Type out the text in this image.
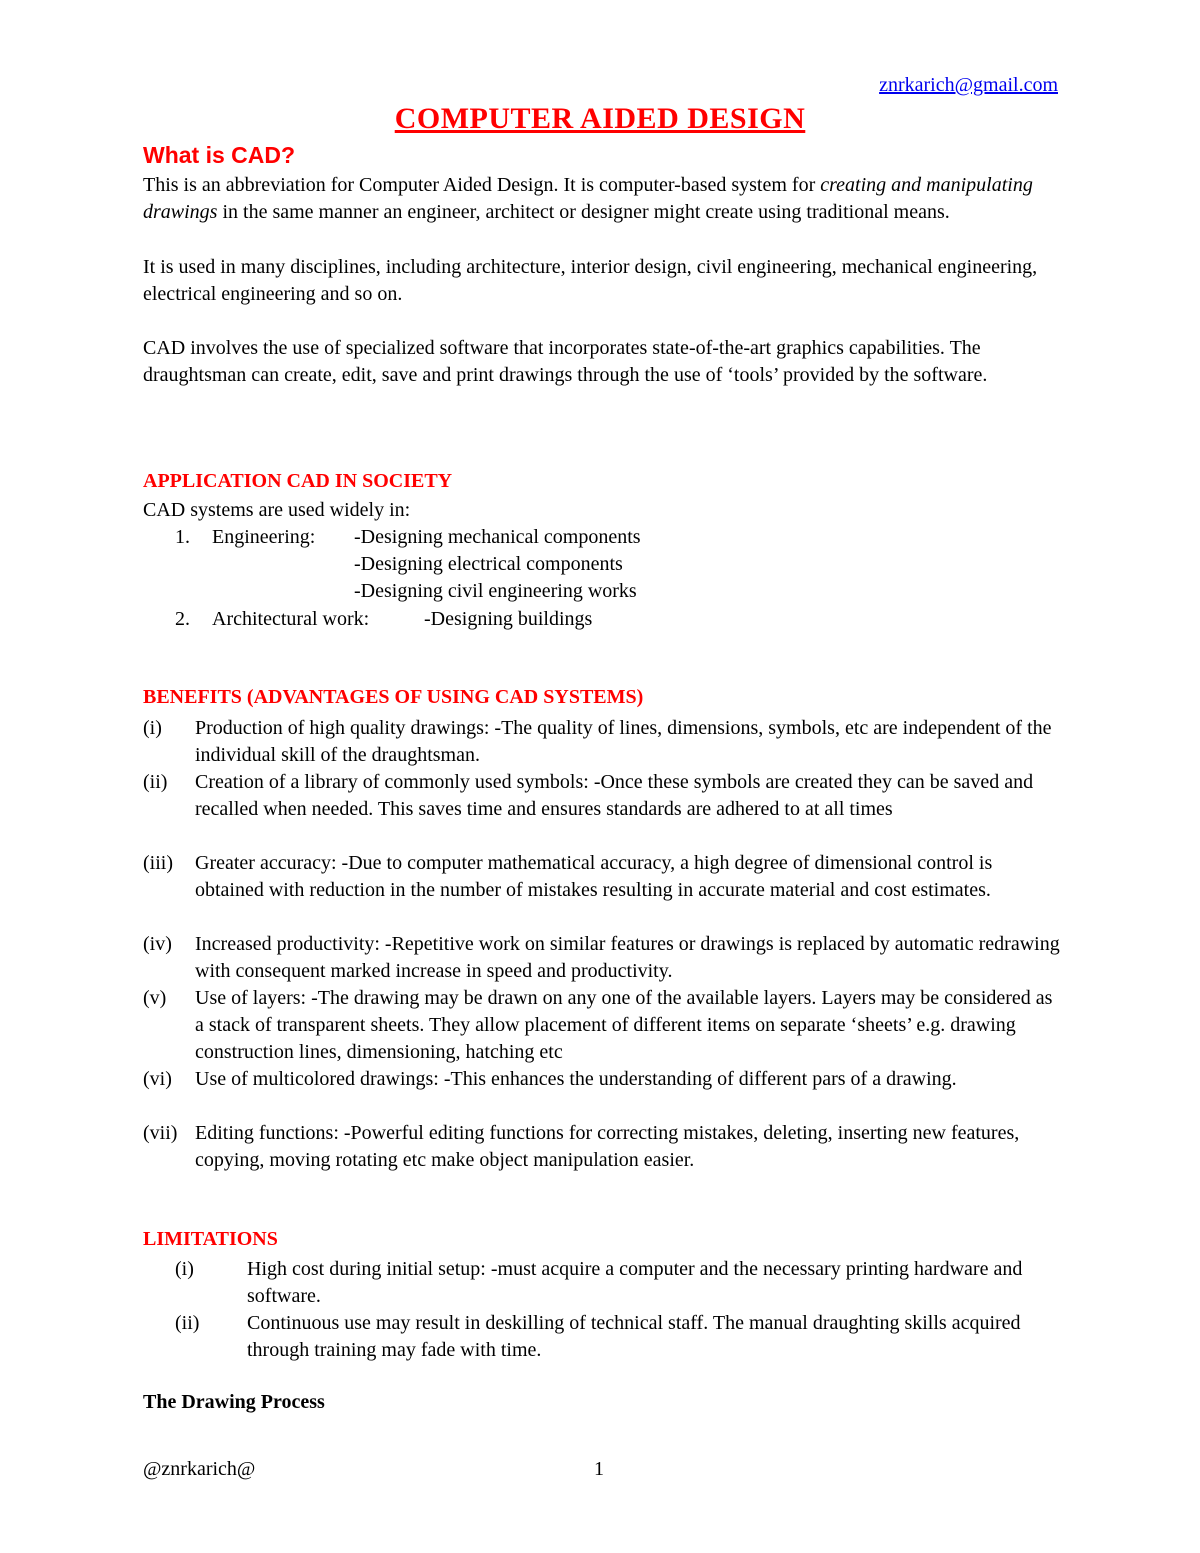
znrkarich@gmail.com
COMPUTER AIDED DESIGN
What is CAD?
This is an abbreviation for Computer Aided Design. It is computer-based system for creating and manipulating drawings in the same manner an engineer, architect or designer might create using traditional means.
It is used in many disciplines, including architecture, interior design, civil engineering, mechanical engineering, electrical engineering and so on.
CAD involves the use of specialized software that incorporates state-of-the-art graphics capabilities. The draughtsman can create, edit, save and print drawings through the use of ‘tools’ provided by the software.
APPLICATION CAD IN SOCIETY
CAD systems are used widely in:
1. Engineering: -Designing mechanical components
-Designing electrical components
-Designing civil engineering works
2. Architectural work:	-Designing buildings
BENEFITS (ADVANTAGES OF USING CAD SYSTEMS)
(i) Production of high quality drawings: -The quality of lines, dimensions, symbols, etc are independent of the individual skill of the draughtsman.
(ii) Creation of a library of commonly used symbols: -Once these symbols are created they can be saved and recalled when needed. This saves time and ensures standards are adhered to at all times
(iii) Greater accuracy: -Due to computer mathematical accuracy, a high degree of dimensional control is obtained with reduction in the number of mistakes resulting in accurate material and cost estimates.
(iv) Increased productivity: -Repetitive work on similar features or drawings is replaced by automatic redrawing with consequent marked increase in speed and productivity.
(v) Use of layers: -The drawing may be drawn on any one of the available layers. Layers may be considered as a stack of transparent sheets. They allow placement of different items on separate ‘sheets’ e.g. drawing construction lines, dimensioning, hatching etc
(vi) Use of multicolored drawings: -This enhances the understanding of different pars of a drawing.
(vii) Editing functions: -Powerful editing functions for correcting mistakes, deleting, inserting new features, copying, moving rotating etc make object manipulation easier.
LIMITATIONS
(i)	High cost during initial setup: -must acquire a computer and the necessary printing hardware and software.
(ii) Continuous use may result in deskilling of technical staff. The manual draughting skills acquired through training may fade with time.
The Drawing Process
@znrkarich@	1
